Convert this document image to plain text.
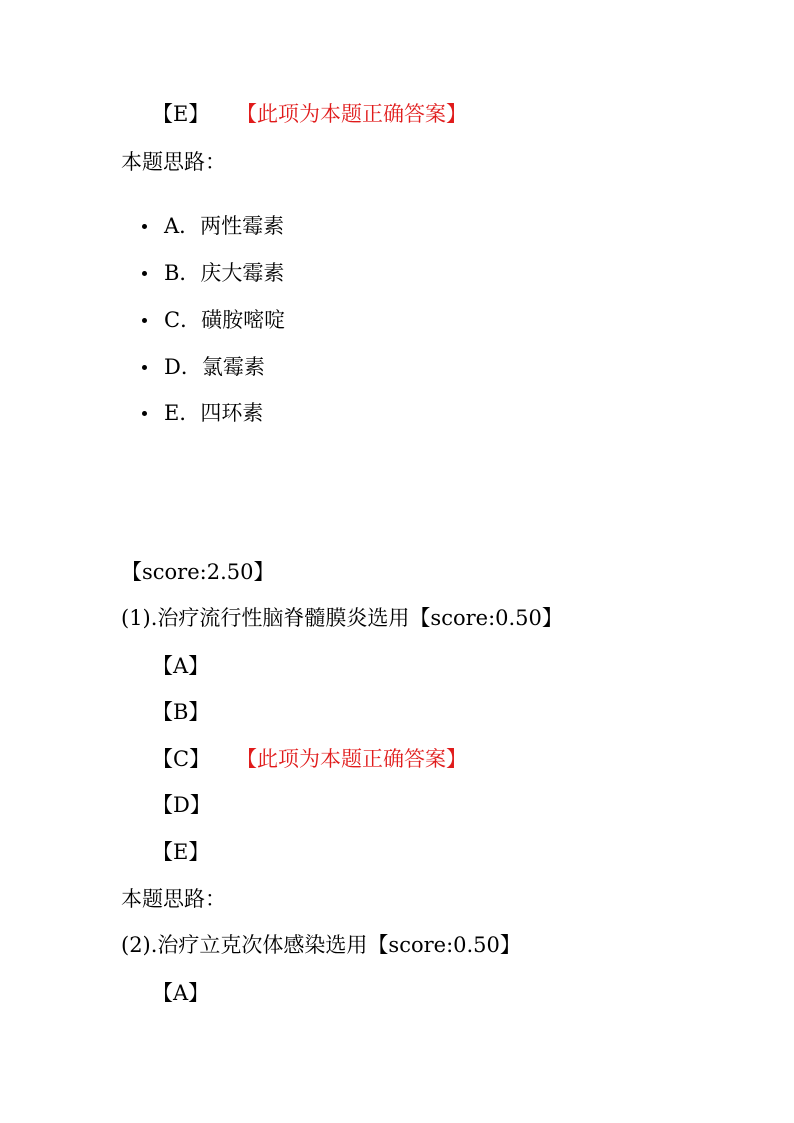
【E】 【此项为本题正确答案】
本题思路：
A．两性霉素
B．庆大霉素
C．磺胺嘧啶
D．氯霉素
E．四环素
【score:2.50】
(1).治疗流行性脑脊髓膜炎选用【score:0.50】
【A】
【B】
【C】 【此项为本题正确答案】
【D】
【E】
本题思路：
(2).治疗立克次体感染选用【score:0.50】
【A】
